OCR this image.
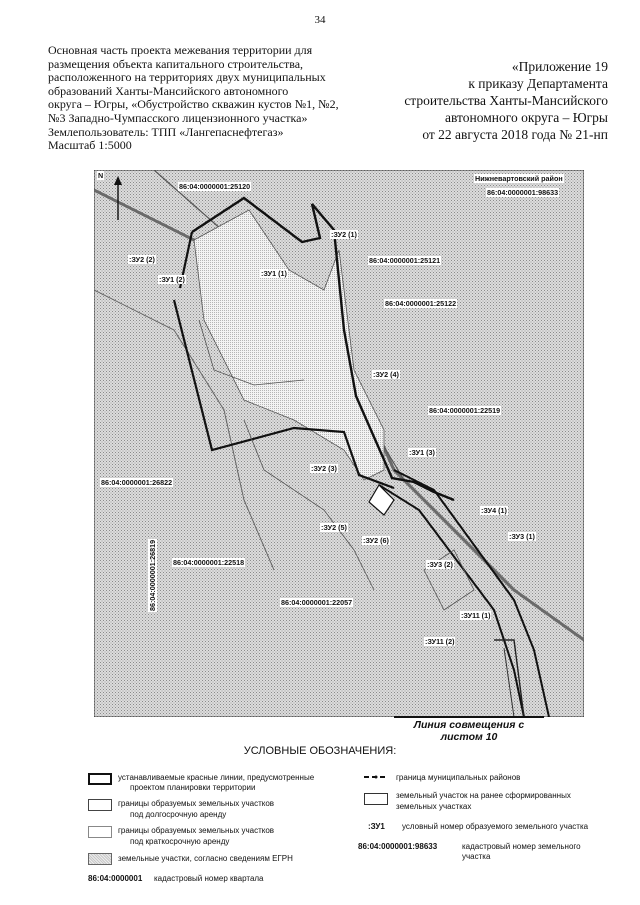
34
Основная часть проекта межевания территории для
размещения объекта капитального строительства,
расположенного на территориях двух муниципальных
образований Ханты-Мансийского автономного
округа – Югры, «Обустройство скважин кустов №1, №2,
№3 Западно-Чумпасского лицензионного участка»
Землепользователь: ТПП «Лангепаснефтегаз»
Масштаб 1:5000
«Приложение 19
к приказу Департамента
строительства Ханты-Мансийского
автономного округа – Югры
от 22 августа 2018 года № 21-нп
N	Нижневартовский район
86:04:0000001:98633
86:04:0000001:25120
:ЗУ2 (1)
:ЗУ2 (2)	86:04:0000001:25121
:ЗУ1 (2)
:ЗУ1 (1)
86:04:0000001:25122
:ЗУ2 (4)
86:04:0000001:22519
:ЗУ1 (3)
:ЗУ2 (3)
86:04:0000001:26822
:ЗУ4 (1)
:ЗУ2 (5)
:ЗУ3 (1)
:ЗУ2 (6)
86:04:0000001:22518	:ЗУ3 (2)
86:04:0000001:22057
:ЗУ11 (1)
:ЗУ11 (2)
86:04:0000001:26819
Линия совмещения с листом 10
УСЛОВНЫЕ ОБОЗНАЧЕНИЯ:
устанавливаемые красные линии, предусмотренные
проектом планировки территории
границы образуемых земельных участков
под долгосрочную аренду
границы образуемых земельных участков
под краткосрочную аренду
земельные участки, согласно сведениям ЕГРН
86:04:0000001 кадастровый номер квартала
граница муниципальных районов
земельный участок на ранее сформированных
земельных участках
:ЗУ1 условный номер образуемого земельного участка
86:04:0000001:98633	кадастровый номер земельного
участка
